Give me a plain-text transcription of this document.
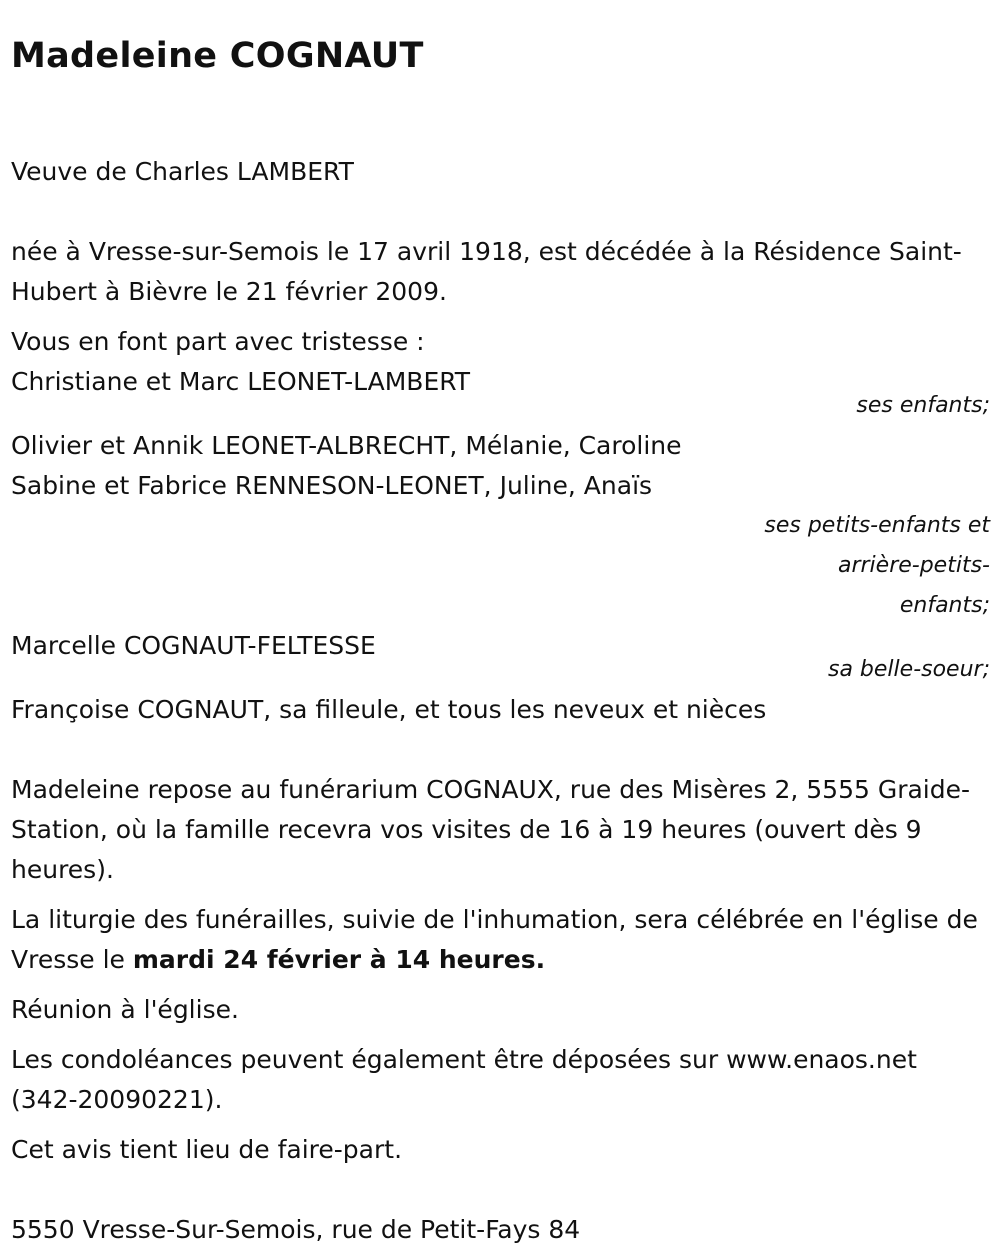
Madeleine COGNAUT

Veuve de Charles LAMBERT

née à Vresse-sur-Semois le 17 avril 1918, est décédée à la Résidence Saint-Hubert à Bièvre le 21 février 2009.

Vous en font part avec tristesse :

Christiane et Marc LEONET-LAMBERT

ses enfants;

Olivier et Annik LEONET-ALBRECHT, Mélanie, Caroline

Sabine et Fabrice RENNESON-LEONET, Juline, Anaïs

ses petits-enfants et arrière-petits-enfants;

Marcelle COGNAUT-FELTESSE

sa belle-soeur;

Françoise COGNAUT, sa filleule, et tous les neveux et nièces

Madeleine repose au funérarium COGNAUX, rue des Misères 2, 5555 Graide-Station, où la famille recevra vos visites de 16 à 19 heures (ouvert dès 9 heures).

La liturgie des funérailles, suivie de l'inhumation, sera célébrée en l'église de Vresse le mardi 24 février à 14 heures.

Réunion à l'église.

Les condoléances peuvent également être déposées sur www.enaos.net (342-20090221).

Cet avis tient lieu de faire-part.

5550 Vresse-Sur-Semois, rue de Petit-Fays 84
